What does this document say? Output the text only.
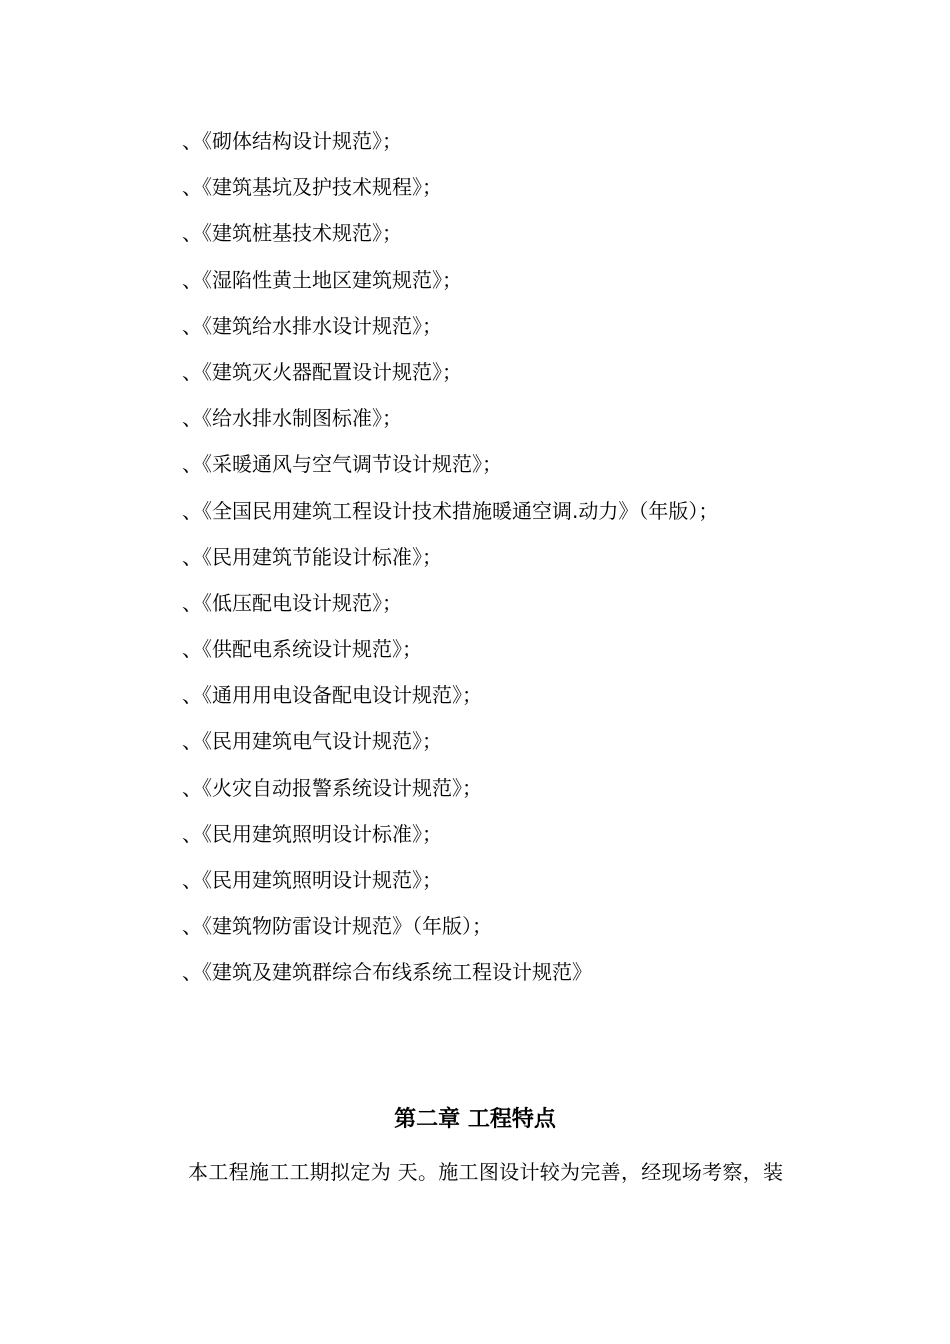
、《砌体结构设计规范》；
、《建筑基坑及护技术规程》；
、《建筑桩基技术规范》；
、《湿陷性黄土地区建筑规范》；
、《建筑给水排水设计规范》；
、《建筑灭火器配置设计规范》；
、《给水排水制图标准》；
、《采暖通风与空气调节设计规范》；
、《全国民用建筑工程设计技术措施暖通空调.动力》（年版）；
、《民用建筑节能设计标准》；
、《低压配电设计规范》；
、《供配电系统设计规范》；
、《通用用电设备配电设计规范》；
、《民用建筑电气设计规范》；
、《火灾自动报警系统设计规范》；
、《民用建筑照明设计标准》；
、《民用建筑照明设计规范》；
、《建筑物防雷设计规范》（年版）；
、《建筑及建筑群综合布线系统工程设计规范》
第二章 工程特点

本工程施工工期拟定为 天。施工图设计较为完善，经现场考察，装
